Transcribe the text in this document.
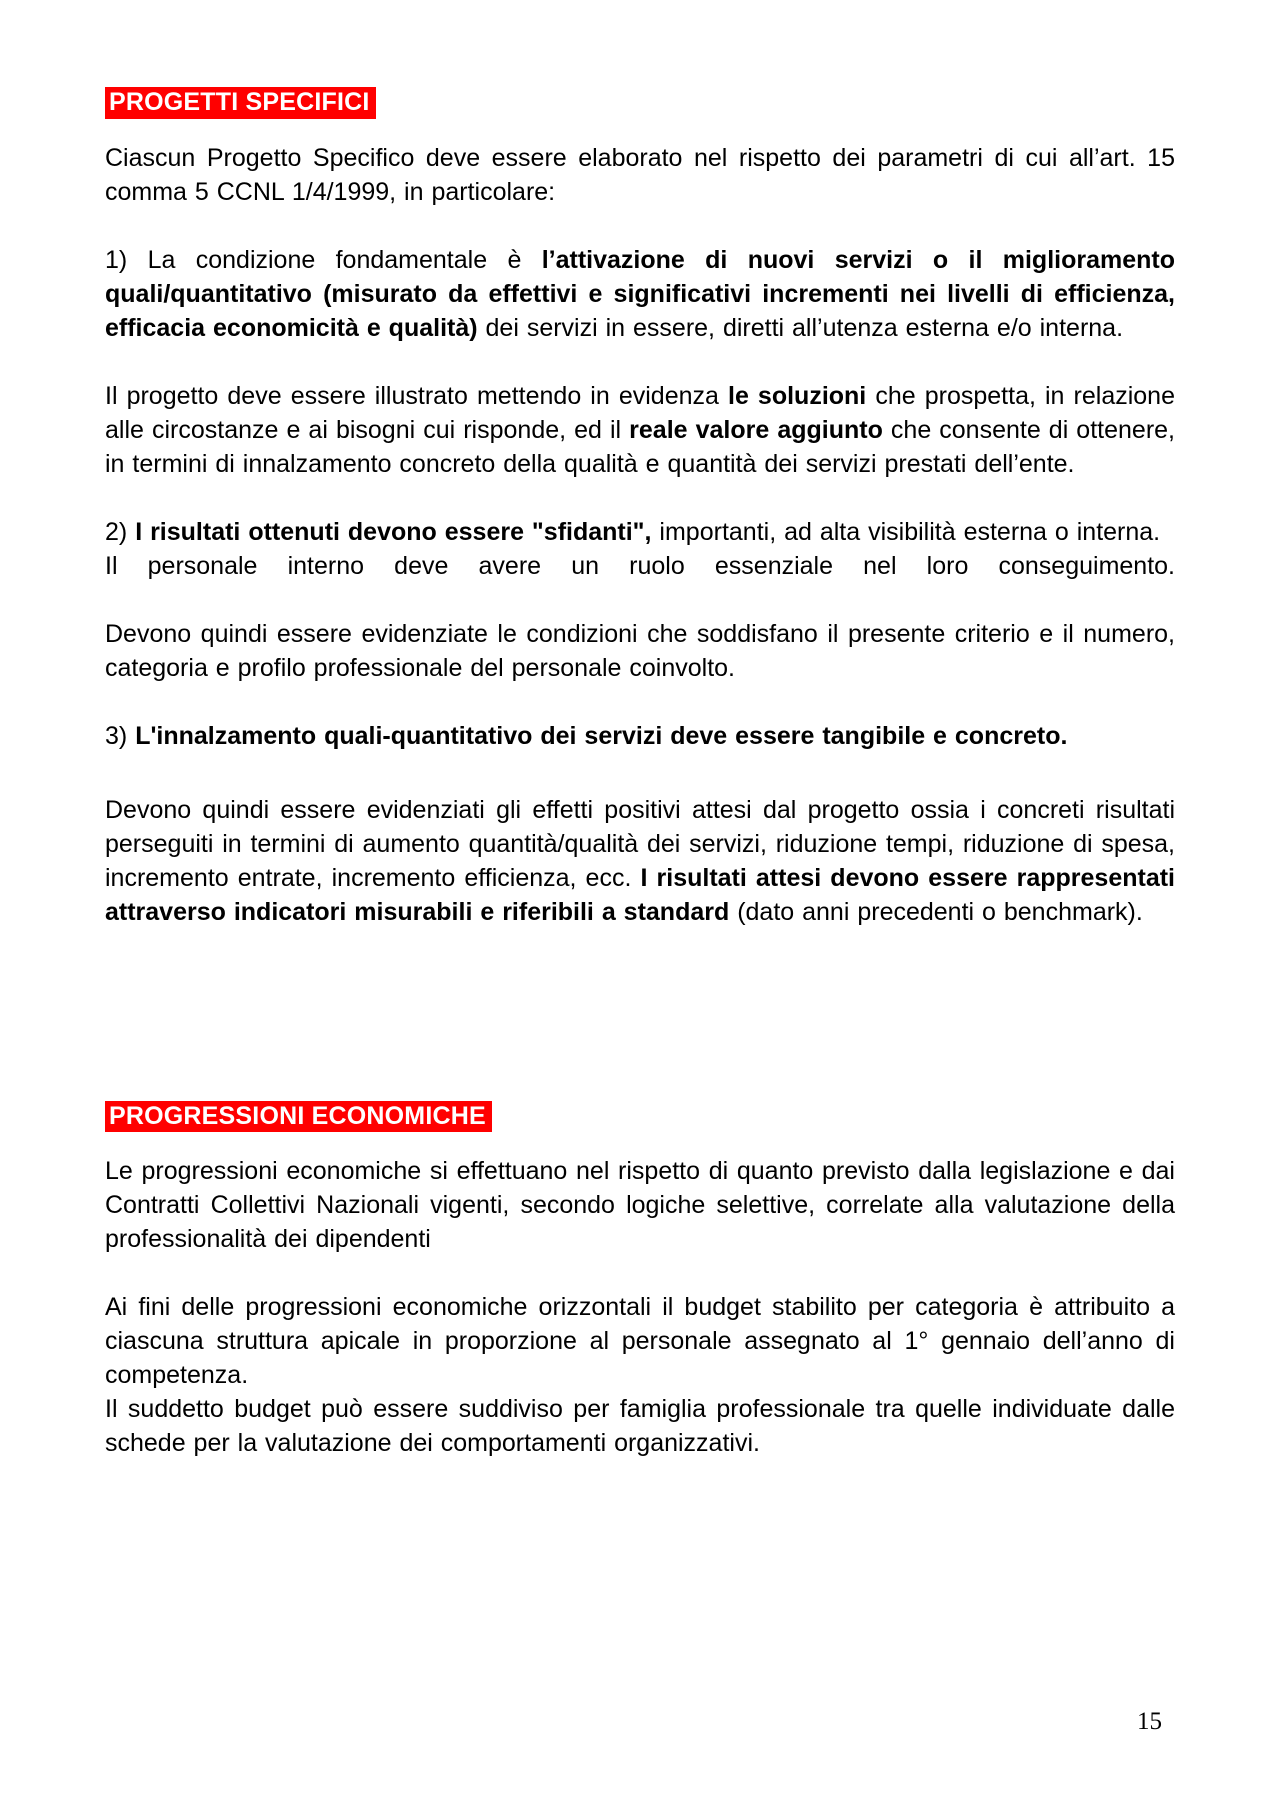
PROGETTI SPECIFICI

Ciascun Progetto Specifico deve essere elaborato nel rispetto dei parametri di cui all’art. 15 comma 5 CCNL 1/4/1999, in particolare:

1) La condizione fondamentale è l’attivazione di nuovi servizi o il miglioramento quali/quantitativo (misurato da effettivi e significativi incrementi nei livelli di efficienza, efficacia economicità e qualità) dei servizi in essere, diretti all’utenza esterna e/o interna.

Il progetto deve essere illustrato mettendo in evidenza le soluzioni che prospetta, in relazione alle circostanze e ai bisogni cui risponde, ed il reale valore aggiunto che consente di ottenere, in termini di innalzamento concreto della qualità e quantità dei servizi prestati dell’ente.

2) I risultati ottenuti devono essere "sfidanti", importanti, ad alta visibilità esterna o interna.
Il personale interno deve avere un ruolo essenziale nel loro conseguimento.

Devono quindi essere evidenziate le condizioni che soddisfano il presente criterio e il numero, categoria e profilo professionale del personale coinvolto.

3) L'innalzamento quali-quantitativo dei servizi deve essere tangibile e concreto.

Devono quindi essere evidenziati gli effetti positivi attesi dal progetto ossia i concreti risultati perseguiti in termini di aumento quantità/qualità dei servizi, riduzione tempi, riduzione di spesa, incremento entrate, incremento efficienza, ecc. I risultati attesi devono essere rappresentati attraverso indicatori misurabili e riferibili a standard (dato anni precedenti o benchmark).

PROGRESSIONI ECONOMICHE

Le progressioni economiche si effettuano nel rispetto di quanto previsto dalla legislazione e dai Contratti Collettivi Nazionali vigenti, secondo logiche selettive, correlate alla valutazione della professionalità dei dipendenti

Ai fini delle progressioni economiche orizzontali il budget stabilito per categoria è attribuito a ciascuna struttura apicale in proporzione al personale assegnato al 1° gennaio dell’anno di competenza.
Il suddetto budget può essere suddiviso per famiglia professionale tra quelle individuate dalle schede per la valutazione dei comportamenti organizzativi.

15
